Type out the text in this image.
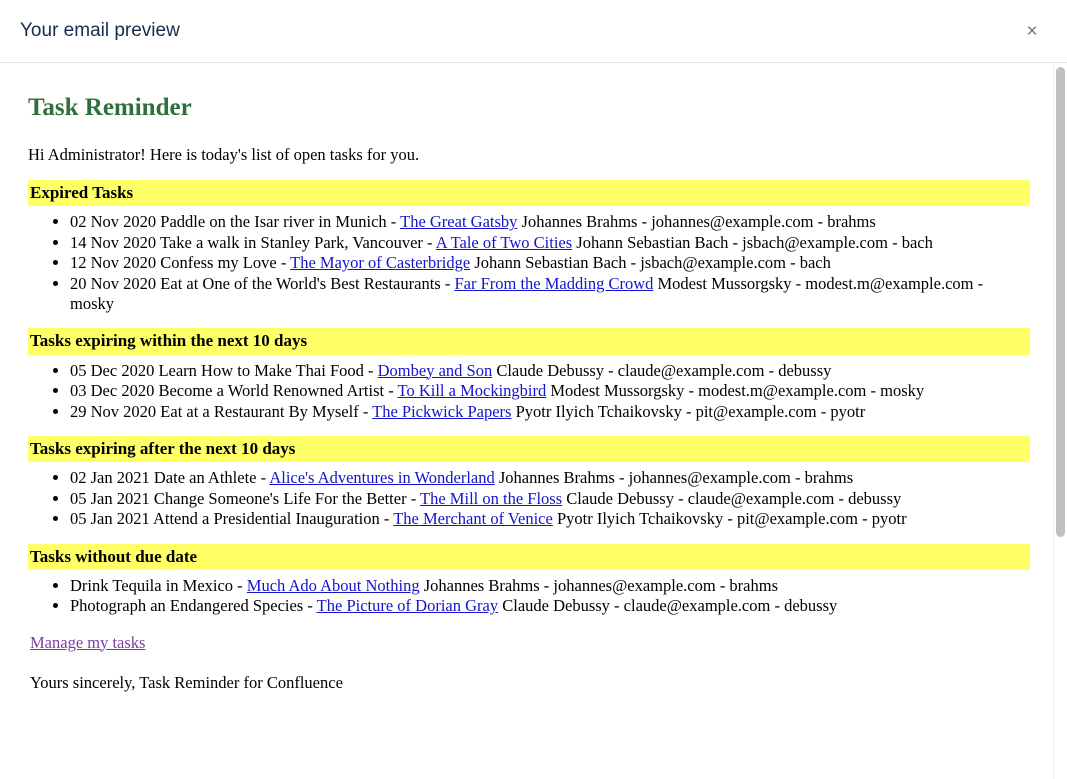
Your email preview	×
Task Reminder

Hi Administrator! Here is today's list of open tasks for you.

Expired Tasks
• 02 Nov 2020 Paddle on the Isar river in Munich - The Great Gatsby Johannes Brahms - johannes@example.com - brahms
• 14 Nov 2020 Take a walk in Stanley Park, Vancouver - A Tale of Two Cities Johann Sebastian Bach - jsbach@example.com - bach
• 12 Nov 2020 Confess my Love - The Mayor of Casterbridge Johann Sebastian Bach - jsbach@example.com - bach
• 20 Nov 2020 Eat at One of the World's Best Restaurants - Far From the Madding Crowd Modest Mussorgsky - modest.m@example.com - mosky
Tasks expiring within the next 10 days
• 05 Dec 2020 Learn How to Make Thai Food - Dombey and Son Claude Debussy - claude@example.com - debussy
• 03 Dec 2020 Become a World Renowned Artist - To Kill a Mockingbird Modest Mussorgsky - modest.m@example.com - mosky
• 29 Nov 2020 Eat at a Restaurant By Myself - The Pickwick Papers Pyotr Ilyich Tchaikovsky - pit@example.com - pyotr
Tasks expiring after the next 10 days
• 02 Jan 2021 Date an Athlete - Alice's Adventures in Wonderland Johannes Brahms - johannes@example.com - brahms
• 05 Jan 2021 Change Someone's Life For the Better - The Mill on the Floss Claude Debussy - claude@example.com - debussy
• 05 Jan 2021 Attend a Presidential Inauguration - The Merchant of Venice Pyotr Ilyich Tchaikovsky - pit@example.com - pyotr
Tasks without due date
• Drink Tequila in Mexico - Much Ado About Nothing Johannes Brahms - johannes@example.com - brahms
• Photograph an Endangered Species - The Picture of Dorian Gray Claude Debussy - claude@example.com - debussy
Manage my tasks

Yours sincerely, Task Reminder for Confluence
